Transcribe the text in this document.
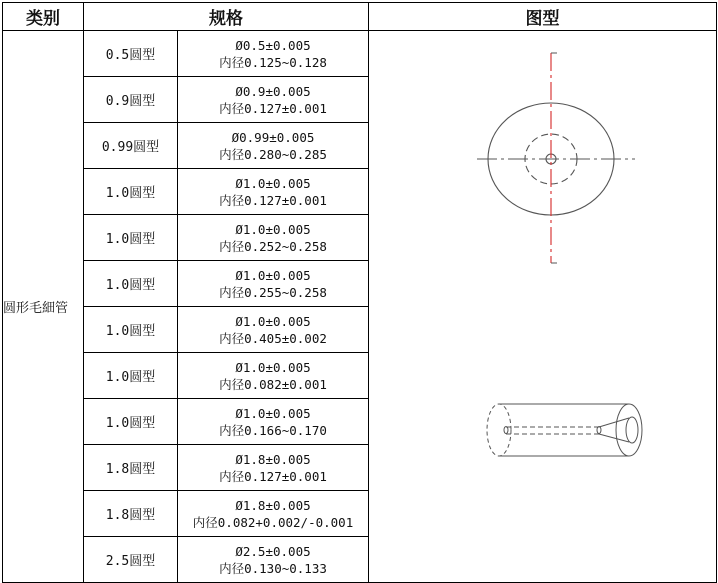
类别	规格		图型
圆形毛細管	0.5圆型	Ø0.5±0.005
内径0.125~0.128

	0.9圆型	Ø0.9±0.005
内径0.127±0.001	

	0.99圆型	Ø0.99±0.005
内径0.280~0.285	

	1.0圆型	Ø1.0±0.005
内径0.127±0.001	

	1.0圆型	Ø1.0±0.005
内径0.252~0.258	

	1.0圆型	Ø1.0±0.005
内径0.255~0.258	

	1.0圆型	Ø1.0±0.005
内径0.405±0.002	

	1.0圆型	Ø1.0±0.005
内径0.082±0.001	

	1.0圆型	Ø1.0±0.005
内径0.166~0.170	

	1.8圆型	Ø1.8±0.005
内径0.127±0.001	

	1.8圆型	Ø1.8±0.005
内径0.082+0.002/-0.001	

	2.5圆型	Ø2.5±0.005
内径0.130~0.133	
